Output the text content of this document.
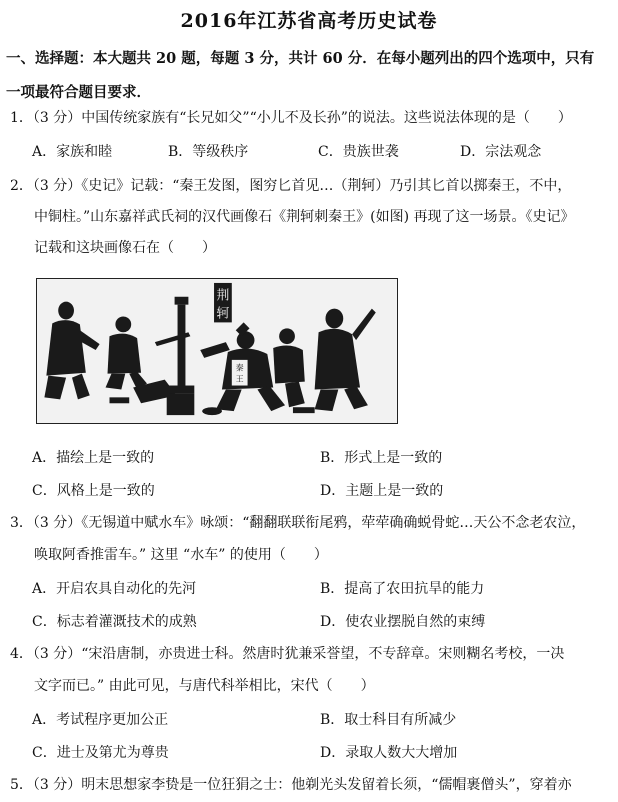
2016年江苏省高考历史试卷
一、选择题：本大题共 20 题，每题 3 分，共计 60 分．在每小题列出的四个选项中，只有
一项最符合题目要求．
1．（3 分）中国传统家族有“长兄如父”“小儿不及长孙”的说法。这些说法体现的是（　　）
A．家族和睦	B．等级秩序	C．贵族世袭	D．宗法观念
2．（3 分）《史记》记载：“秦王发图，图穷匕首见…（荆轲）乃引其匕首以掷秦王，不中，
中铜柱。”山东嘉祥武氏祠的汉代画像石《荆轲刺秦王》(如图) 再现了这一场景。《史记》
记载和这块画像石在（　　）
荆
轲
秦
王
A．描绘上是一致的	B．形式上是一致的
C．风格上是一致的	D．主题上是一致的
3．（3 分）《无锡道中赋水车》咏颂：“翻翻联联衔尾鸦，荦荦确确蜕骨蛇…天公不念老农泣，
唤取阿香推雷车。” 这里 “水车” 的使用（　　）
A．开启农具自动化的先河	B．提高了农田抗旱的能力
C．标志着灌溉技术的成熟	D．使农业摆脱自然的束缚
4．（3 分）“宋沿唐制，亦贵进士科。然唐时犹兼采誉望，不专辞章。宋则糊名考校，一决
文字而已。” 由此可见，与唐代科举相比，宋代（　　）
A．考试程序更加公正	B．取士科目有所减少
C．进士及第尤为尊贵	D．录取人数大大增加
5．（3 分）明末思想家李贽是一位狂狷之士：他剃光头发留着长须，“儒帽裹僧头”，穿着亦
